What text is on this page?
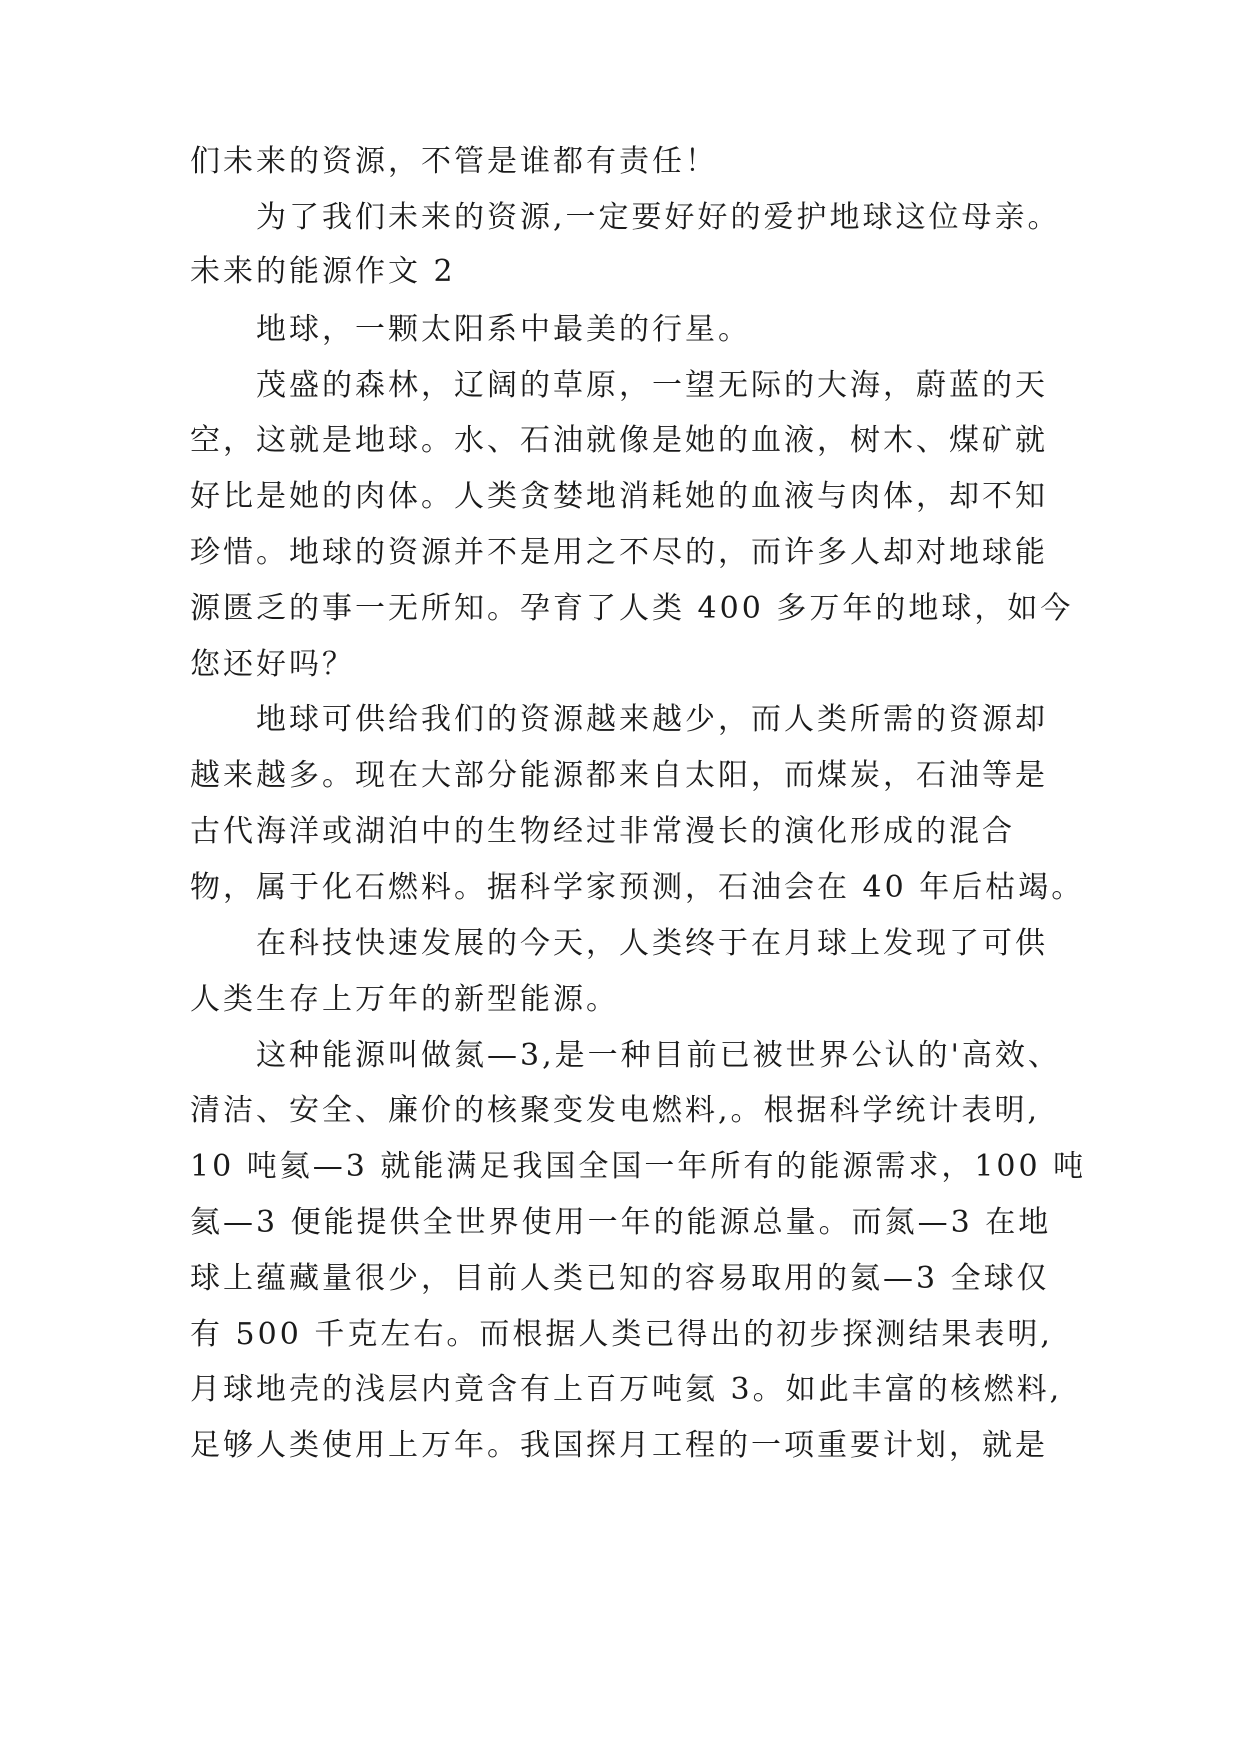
们未来的资源，不管是谁都有责任！
为了我们未来的资源,一定要好好的爱护地球这位母亲。
未来的能源作文 2
地球，一颗太阳系中最美的行星。
茂盛的森林，辽阔的草原，一望无际的大海，蔚蓝的天
空，这就是地球。水、石油就像是她的血液，树木、煤矿就
好比是她的肉体。人类贪婪地消耗她的血液与肉体，却不知
珍惜。地球的资源并不是用之不尽的，而许多人却对地球能
源匮乏的事一无所知。孕育了人类 400 多万年的地球，如今
您还好吗？
地球可供给我们的资源越来越少，而人类所需的资源却
越来越多。现在大部分能源都来自太阳，而煤炭，石油等是
古代海洋或湖泊中的生物经过非常漫长的演化形成的混合
物，属于化石燃料。据科学家预测，石油会在 40 年后枯竭。
在科技快速发展的今天，人类终于在月球上发现了可供
人类生存上万年的新型能源。
这种能源叫做氮—3,是一种目前已被世界公认的'高效、
清洁、安全、廉价的核聚变发电燃料,。根据科学统计表明,
10 吨氦—3 就能满足我国全国一年所有的能源需求，100 吨
氦—3 便能提供全世界使用一年的能源总量。而氮—3 在地
球上蕴藏量很少，目前人类已知的容易取用的氦—3 全球仅
有 500 千克左右。而根据人类已得出的初步探测结果表明,
月球地壳的浅层内竟含有上百万吨氦 3。如此丰富的核燃料,
足够人类使用上万年。我国探月工程的一项重要计划，就是
